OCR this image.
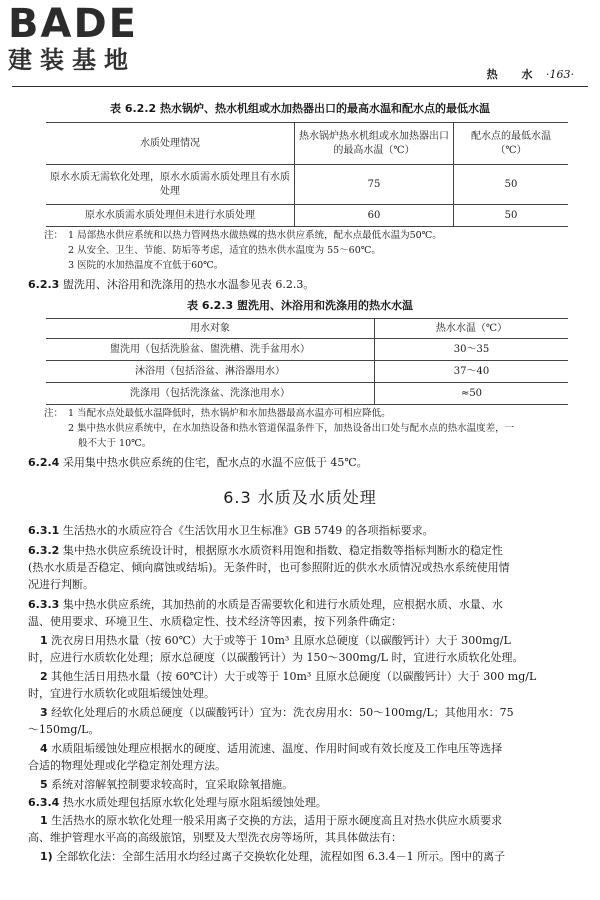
BADE
建装基地
热 水 ·163·
表 6.2.2 热水锅炉、热水机组或水加热器出口的最高水温和配水点的最低水温
水质处理情况	热水锅炉热水机组或水加热器出口的最高水温（℃）	配水点的最低水温（℃）
原水水质无需软化处理，原水水质需水质处理且有水质处理	75	50
原水水质需水质处理但未进行水质处理	60	50
注： 1 局部热水供应系统和以热力管网热水做热媒的热水供应系统，配水点最低水温为50℃。
2 从安全、卫生、节能、防垢等考虑，适宜的热水供水温度为 55～60℃。
3 医院的水加热温度不宜低于60℃。
6.2.3 盥洗用、沐浴用和洗涤用的热水水温参见表 6.2.3。
表 6.2.3 盥洗用、沐浴用和洗涤用的热水水温
用水对象	热水水温（℃）
盥洗用（包括洗脸盆、盥洗槽、洗手盆用水）	30～35
沐浴用（包括浴盆、淋浴器用水）	37～40
洗涤用（包括洗涤盆、洗涤池用水）	≈50
注： 1 当配水点处最低水温降低时，热水锅炉和水加热器最高水温亦可相应降低。
2 集中热水供应系统中，在水加热设备和热水管道保温条件下，加热设备出口处与配水点的热水温度差，一
般不大于 10℃。
6.2.4 采用集中热水供应系统的住宅，配水点的水温不应低于 45℃。
6.3 水质及水质处理
6.3.1 生活热水的水质应符合《生活饮用水卫生标准》GB 5749 的各项指标要求。
6.3.2 集中热水供应系统设计时，根据原水水质资料用饱和指数、稳定指数等指标判断水的稳定性
(热水水质是否稳定、倾向腐蚀或结垢)。无条件时，也可参照附近的供水水质情况或热水系统使用情
况进行判断。
6.3.3 集中热水供应系统，其加热前的水质是否需要软化和进行水质处理，应根据水质、水量、水
温、使用要求、环境卫生、水质稳定性、技术经济等因素，按下列条件确定：
1 洗衣房日用热水量（按 60℃）大于或等于 10m³ 且原水总硬度（以碳酸钙计）大于 300mg/L
时，应进行水质软化处理；原水总硬度（以碳酸钙计）为 150～300mg/L 时，宜进行水质软化处理。
2 其他生活日用热水量（按 60℃计）大于或等于 10m³ 且原水总硬度（以碳酸钙计）大于 300 mg/L
时，宜进行水质软化或阻垢缓蚀处理。
3 经软化处理后的水质总硬度（以碳酸钙计）宜为：洗衣房用水：50～100mg/L；其他用水：75
～150mg/L。
4 水质阻垢缓蚀处理应根据水的硬度、适用流速、温度、作用时间或有效长度及工作电压等选择
合适的物理处理或化学稳定剂处理方法。
5 系统对溶解氧控制要求较高时，宜采取除氧措施。
6.3.4 热水水质处理包括原水软化处理与原水阻垢缓蚀处理。
1 生活热水的原水软化处理一般采用离子交换的方法，适用于原水硬度高且对热水供应水质要求
高、维护管理水平高的高级旅馆，别墅及大型洗衣房等场所，其具体做法有：
1) 全部软化法：全部生活用水均经过离子交换软化处理，流程如图 6.3.4－1 所示。图中的离子
